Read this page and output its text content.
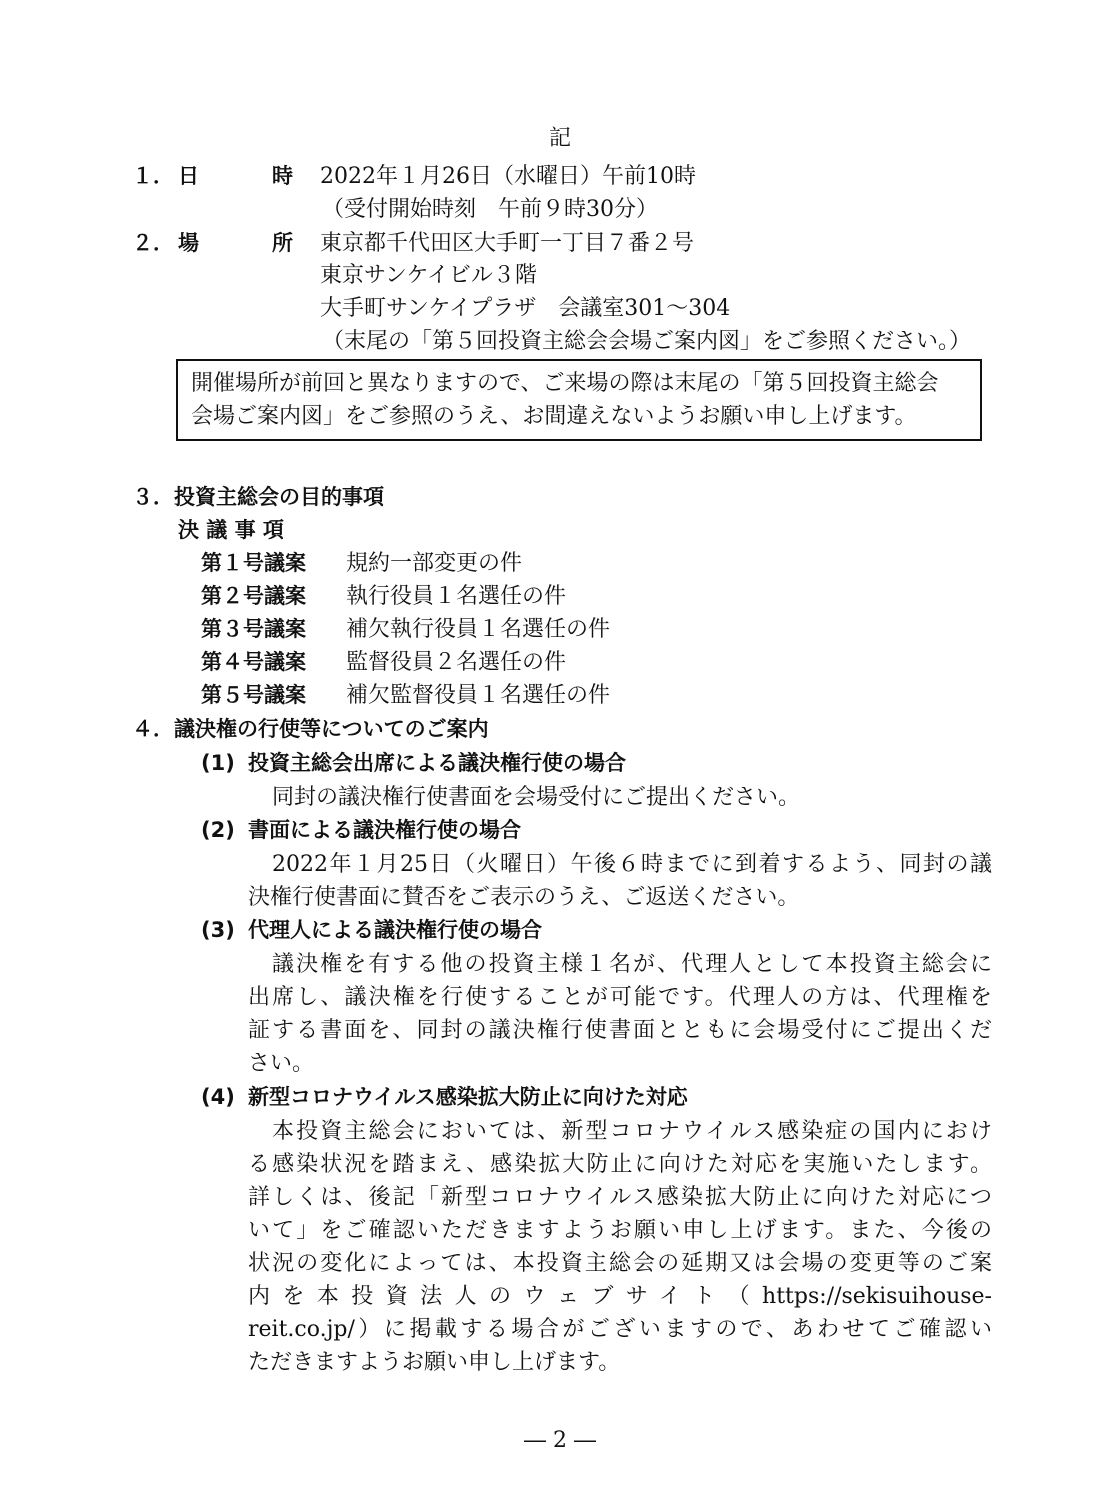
記
１． 日	時 2022年１月26日（水曜日）午前10時
（受付開始時刻　午前９時30分）
２． 場	所 東京都千代田区大手町一丁目７番２号
東京サンケイビル３階
大手町サンケイプラザ　会議室301～304
（末尾の「第５回投資主総会会場ご案内図」をご参照ください。）
開催場所が前回と異なりますので、ご来場の際は末尾の「第５回投資主総会
会場ご案内図」をご参照のうえ、お間違えないようお願い申し上げます。
３．投資主総会の目的事項
決 議 事 項
第１号議案 規約一部変更の件
第２号議案 執行役員１名選任の件
第３号議案 補欠執行役員１名選任の件
第４号議案 監督役員２名選任の件
第５号議案 補欠監督役員１名選任の件
４．議決権の行使等についてのご案内
(1) 投資主総会出席による議決権行使の場合
同封の議決権行使書面を会場受付にご提出ください。
(2) 書面による議決権行使の場合
2022年１月25日（火曜日）午後６時までに到着するよう、同封の議
決権行使書面に賛否をご表示のうえ、ご返送ください。
(3) 代理人による議決権行使の場合
議決権を有する他の投資主様１名が、代理人として本投資主総会に
出席し、議決権を行使することが可能です。代理人の方は、代理権を
証する書面を、同封の議決権行使書面とともに会場受付にご提出くだ
さい。
(4) 新型コロナウイルス感染拡大防止に向けた対応
本投資主総会においては、新型コロナウイルス感染症の国内におけ
る感染状況を踏まえ、感染拡大防止に向けた対応を実施いたします。
詳しくは、後記「新型コロナウイルス感染拡大防止に向けた対応につ
いて」をご確認いただきますようお願い申し上げます。また、今後の
状況の変化によっては、本投資主総会の延期又は会場の変更等のご案
内を本投資法人のウェブサイト（https://sekisuihouse-
reit.co.jp/）に掲載する場合がございますので、あわせてご確認い
ただきますようお願い申し上げます。
― 2 ―
